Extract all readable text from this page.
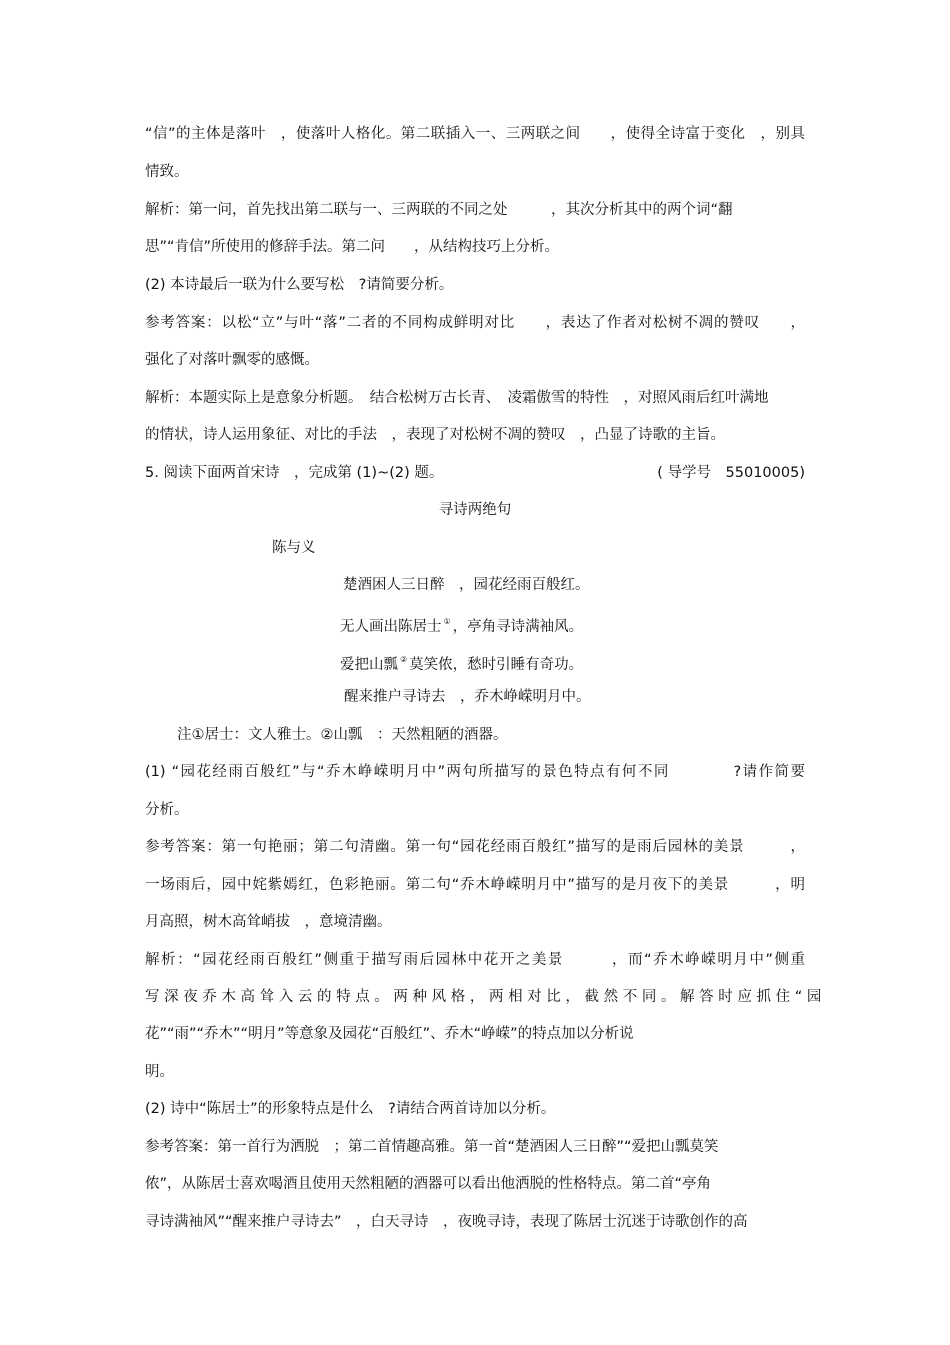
“信”的主体是落叶　，使落叶人格化。第二联插入一、三两联之间　　，使得全诗富于变化　，别具

情致。

解析：第一问，首先找出第二联与一、三两联的不同之处　　　，其次分析其中的两个词“翻

思”“肯信”所使用的修辞手法。第二问　　，从结构技巧上分析。

(2) 本诗最后一联为什么要写松　?请简要分析。

参考答案：以松“立”与叶“落”二者的不同构成鲜明对比　　，表达了作者对松树不凋的赞叹　　，

强化了对落叶飘零的感慨。

解析：本题实际上是意象分析题。　结合松树万古长青、　凌霜傲雪的特性　，对照风雨后红叶满地

的情状，诗人运用象征、对比的手法　，表现了对松树不凋的赞叹　，凸显了诗歌的主旨。

5. 阅读下面两首宋诗　，完成第 (1)~(2) 题。	( 导学号　55010005)

寻诗两绝句

陈与义

楚酒困人三日醉　，园花经雨百般红。

无人画出陈居士 ① ，亭角寻诗满袖风。

爱把山瓢 ② 莫笑侬，愁时引睡有奇功。

醒来推户寻诗去　，乔木峥嵘明月中。

注①居士：文人雅士。②山瓢　：天然粗陋的酒器。

(1) “园花经雨百般红”与“乔木峥嵘明月中”两句所描写的景色特点有何不同　　　　?请作简要

分析。

参考答案：第一句艳丽；第二句清幽。第一句“园花经雨百般红”描写的是雨后园林的美景　　　，

一场雨后，园中姹紫嫣红，色彩艳丽。第二句“乔木峥嵘明月中”描写的是月夜下的美景　　　，明

月高照，树木高耸峭拔　，意境清幽。

解析：“园花经雨百般红”侧重于描写雨后园林中花开之美景　　　，而“乔木峥嵘明月中”侧重

写 深 夜 乔 木 高 耸 入 云 的 特 点 。 两 种 风 格 ， 两 相 对 比 ， 截 然 不 同 。 解 答 时 应 抓 住 “ 园

花”“雨”“乔木”“明月”等意象及园花“百般红”、乔木“峥嵘”的特点加以分析说

明。

(2) 诗中“陈居士”的形象特点是什么　?请结合两首诗加以分析。

参考答案：第一首行为洒脱　；第二首情趣高雅。第一首“楚酒困人三日醉”“爱把山瓢莫笑

侬”，从陈居士喜欢喝酒且使用天然粗陋的酒器可以看出他洒脱的性格特点。第二首“亭角

寻诗满袖风”“醒来推户寻诗去”　，白天寻诗　，夜晚寻诗，表现了陈居士沉迷于诗歌创作的高
